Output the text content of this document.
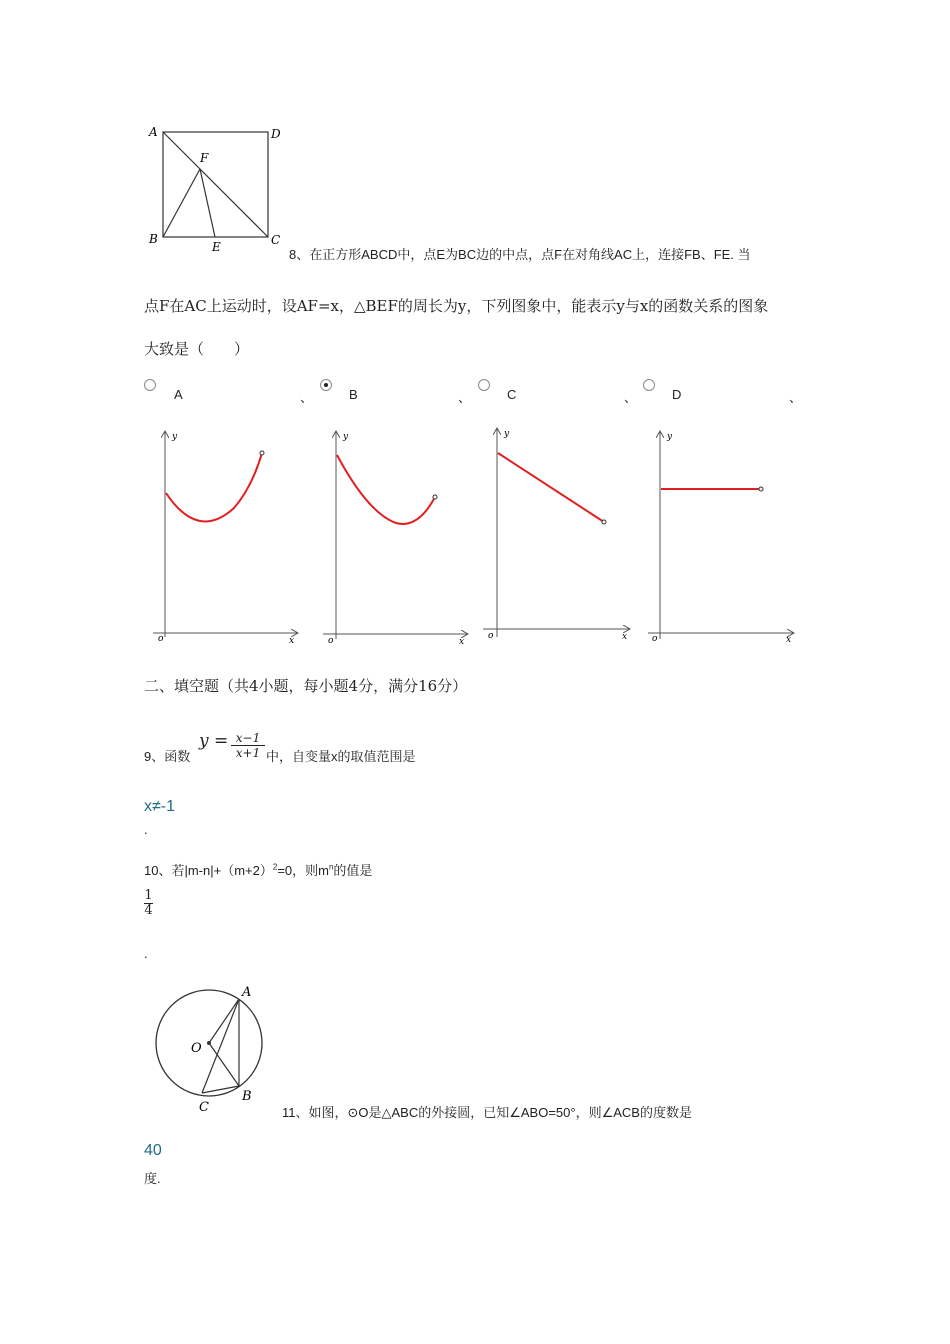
A	D
F
B
E	C
8、在正方形ABCD中，点E为BC边的中点，点F在对角线AC上，连接FB、FE. 当
点F在AC上运动时，设AF=x，△BEF的周长为y，下列图象中，能表示y与x的函数关系的图象
大致是（　　）
A	、	B	、	C	、	D	、
y
x
o
y
x
o
y
x
o
y
x
o
二、填空题（共4小题，每小题4分，满分16分）
9、函数
$y = \frac{x-1}{x+1}$ 中，自变量x的取值范围是
x≠-1
.
10、若$|m-n|+(m+2)^2=0$，则$m^n$的值是
$\frac{1}{4}$
.
A
O
B
C	11、如图，⊙O是△ABC的外接圆，已知∠ABO=50°，则∠ACB的度数是
40
度.
